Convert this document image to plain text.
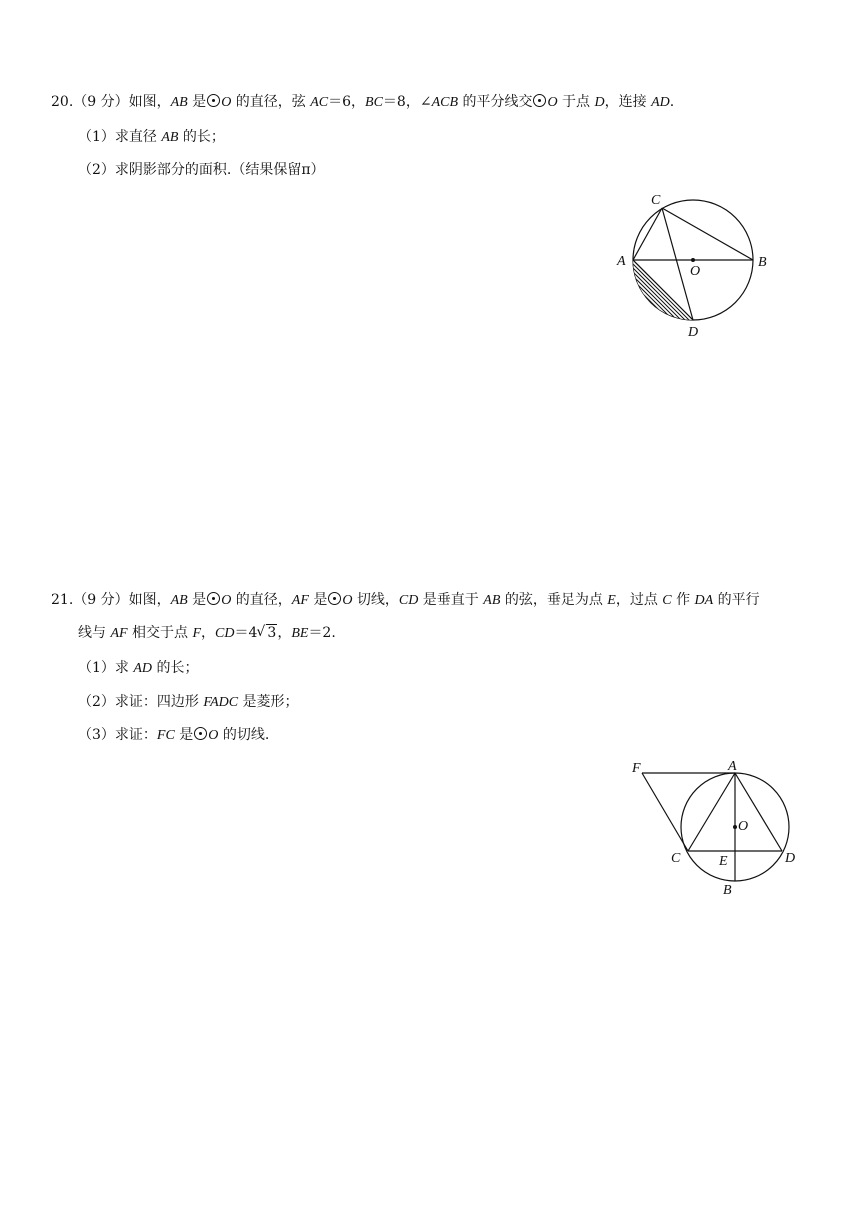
20.（9 分）如图，AB 是 O 的直径，弦 AC＝6，BC＝8，∠ACB 的平分线交 O 于点 D，连接 AD.
（1）求直径 AB 的长；
（2）求阴影部分的面积.（结果保留π）
C
A	B
O
D
21.（9 分）如图，AB 是 O 的直径，AF 是 O 切线，CD 是垂直于 AB 的弦，垂足为点 E，过点 C 作 DA 的平行
线与 AF 相交于点 F，CD＝4√ 3，BE＝2.
（1）求 AD 的长；
（2）求证：四边形 FADC 是菱形；
（3）求证：FC 是 O 的切线.
F	A
O
C	E	D
B
